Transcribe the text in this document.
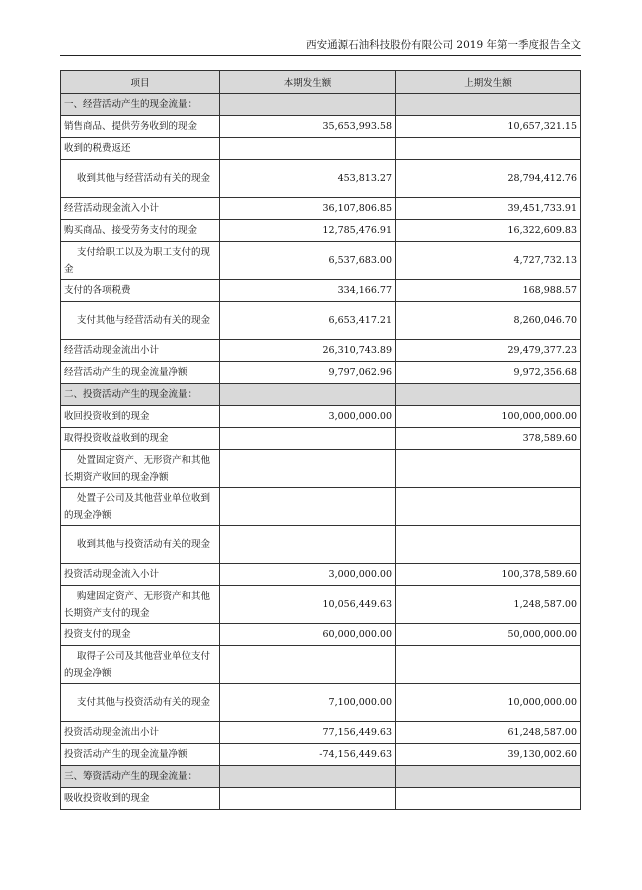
西安通源石油科技股份有限公司 2019 年第一季度报告全文
项目	本期发生额	上期发生额
一、经营活动产生的现金流量：		
销售商品、提供劳务收到的现金	35,653,993.58	10,657,321.15
收到的税费返还		
收到其他与经营活动有关的现金	453,813.27	28,794,412.76
经营活动现金流入小计	36,107,806.85	39,451,733.91
购买商品、接受劳务支付的现金	12,785,476.91	16,322,609.83
支付给职工以及为职工支付的现金	6,537,683.00	4,727,732.13
支付的各项税费	334,166.77	168,988.57
支付其他与经营活动有关的现金	6,653,417.21	8,260,046.70
经营活动现金流出小计	26,310,743.89	29,479,377.23
经营活动产生的现金流量净额	9,797,062.96	9,972,356.68
二、投资活动产生的现金流量：		
收回投资收到的现金	3,000,000.00	100,000,000.00
取得投资收益收到的现金		378,589.60
处置固定资产、无形资产和其他长期资产收回的现金净额		
处置子公司及其他营业单位收到的现金净额		
收到其他与投资活动有关的现金		
投资活动现金流入小计	3,000,000.00	100,378,589.60
购建固定资产、无形资产和其他长期资产支付的现金	10,056,449.63	1,248,587.00
投资支付的现金	60,000,000.00	50,000,000.00
取得子公司及其他营业单位支付的现金净额		
支付其他与投资活动有关的现金	7,100,000.00	10,000,000.00
投资活动现金流出小计	77,156,449.63	61,248,587.00
投资活动产生的现金流量净额	-74,156,449.63	39,130,002.60
三、筹资活动产生的现金流量：		
吸收投资收到的现金		
